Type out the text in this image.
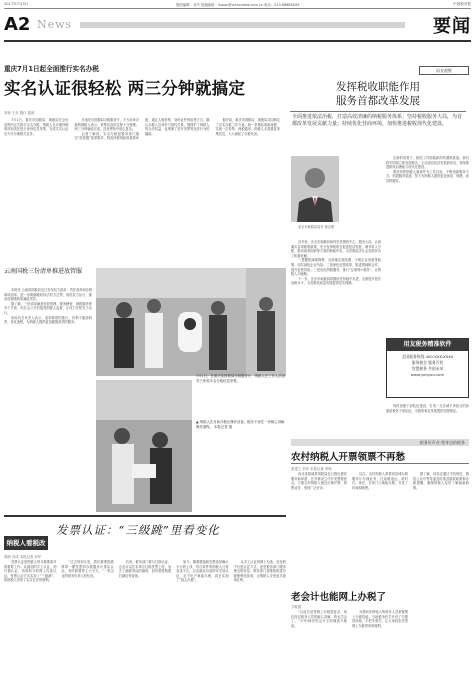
2017年7月5日	版面编辑：邓华 投稿邮箱：liupan@cctaxnews.com.cn 电话：010-68688XXX	中国税务报
A2 News	要闻
重庆7月1日起全面推行实名办税
实名认证很轻松 两三分钟就搞定
刘祎 王东 殷仔 钱晨

7月1日，重庆市国税局、地税局在全市范围内正式推行实名办税，纳税人在办理涉税事项前须先进行身份信息采集，完成实名认证后方可办理相关业务。

在南岸区国税局办税服务厅，不少前来办税的纳税人表示，采集信息的过程十分便捷，两三分钟就能完成，没有想象中那么复杂。

记者了解到，实名办税是税务部门落实“放管服”改革要求、防范涉税风险的重要举措，通过人像采集、身份证件核验等方式，确认办税人员身份与授权关系，既保护了纳税人的合法权益，也堵塞了虚开发票等违法行为的漏洞。

据介绍，重庆市国税局、地税局共同制定了实名办税工作方案，统一采集标准和流程，实现一次采集、两税通用，纳税人无需重复采集信息，大大减轻了办税负担。

局长视野
发挥税收职能作用
服务首都改革发展
全面推进依法治税，打造高效清廉的纳税服务体系；坚持税收服务大局，为首都改革发展贡献力量；持续优化营商环境，加快推进税收现代化建设。
北京市地税局局长 杨志强

近年来，北京市地税局始终坚持围绕中心、服务大局，认真落实各项税收政策，充分发挥税收在促进经济发展、调节收入分配、推动改革创新等方面的职能作用，为首都经济社会发展作出了积极贡献。

一是聚焦减税降费，全面落实营改增、小微企业优惠等政策，切实减轻企业负担；二是深化征管改革，推进国地税合作，提升征管效能；三是优化纳税服务，推行“互联网+税务”，让纳税人少跑路。

下一步，北京市地税局将继续坚持稳中求进，全面提升依法治税水平，为首都高质量发展提供坚实保障。

在新的形势下，税收工作面临新的机遇和挑战。我们将牢固树立新发展理念，主动适应经济发展新常态，持续推进税收治理能力现代化建设。

要坚持把纳税人满意作为工作目标，不断创新服务方式，拓展服务渠道，努力为纳税人提供更加优质、便捷、高效的服务。

用友税务精准软件
全国服务热线 400-XXX-XXXX
服务税企 服务百姓
智慧税务 共创未来
www.yonyou.com

同时加强干部队伍建设，打造一支忠诚干净担当的高素质税务干部队伍，为税收事业发展提供坚强保证。

税务好声音·我身边的税务
农村纳税人开票领票不再愁
张建立 刘华 本报记者 李明

河北省临城县国税局近日推出便民服务新举措，在乡镇设立代开发票便民点，方便农村纳税人就近办理开票、领票业务，受到广泛好评。

以往，农村纳税人需要到县城办税服务厅办理业务，往返路途远、耗时长。现在，在家门口就能办理，节省了时间和路费。

据了解，该局还通过手机短信、微信公众号等渠道及时推送税收政策和办税提醒，确保纳税人及时了解最新政策。

老会计也能网上办税了
方敏霞

“以前总觉得网上办税很复杂，现在经过税务人员的耐心讲解，我也学会了。”今年58岁的会计王阿姨高兴地说。

为帮助年龄较大的财务人员掌握网上办税技能，当地税务机关开设了专题培训班，手把手教学，让大家轻松享受网上办税带来的便利。

云南国税三份清单推进放管服

本报讯 云南省国税局近日发布权力清单、责任清单和办税事项清单，进一步明确税收执法权力边界，规范权力运行，推动放管服改革落地见效。

据了解，三份清单涵盖征收管理、税务稽查、纳税服务等多个方面，向社会公开后接受纳税人监督，让权力在阳光下运行。

该局有关负责人表示，清单制度的推行，有利于厘清职责、优化流程，为纳税人提供更加便捷高效的服务。

7月1日，在重庆某国税局办税服务厅，纳税人在工作人员指导下体验实名办税信息采集。
▲ 纳税人在自助办税区操作设备，税务干部在一旁耐心讲解操作流程。 本报记者 摄
发票认证：“三级跳”里看变化
纳税人看税改
胡润 闫成 本报记者 刘华

发票认证是纳税人每月都要面对的重要工作。从最初的手工认证，到扫描认证，再到如今的网上勾选认证，发票认证方式实现了“三级跳”，给纳税人带来了实实在在的便利。

“过去每到月底，我们都要抱着厚厚一摞发票到办税服务厅排队认证，有时候要等上大半天。”一家企业的财务负责人回忆说。

后来，税务部门推行扫描认证，企业可以在本单位扫描发票上传，省去了跑税务局的麻烦，但仍需要购置扫描仪等设备。

如今，随着增值税发票选择确认平台的上线，符合条件的纳税人只需登录平台，点击鼠标勾选即可完成认证，足不出户就能办理，真正实现了“指尖办税”。

从手工认证到网上勾选，变化的不仅是认证方式，更是税务部门服务理念的转变。税务部门将继续推进办税便利化改革，让纳税人享受更多改革红利。
